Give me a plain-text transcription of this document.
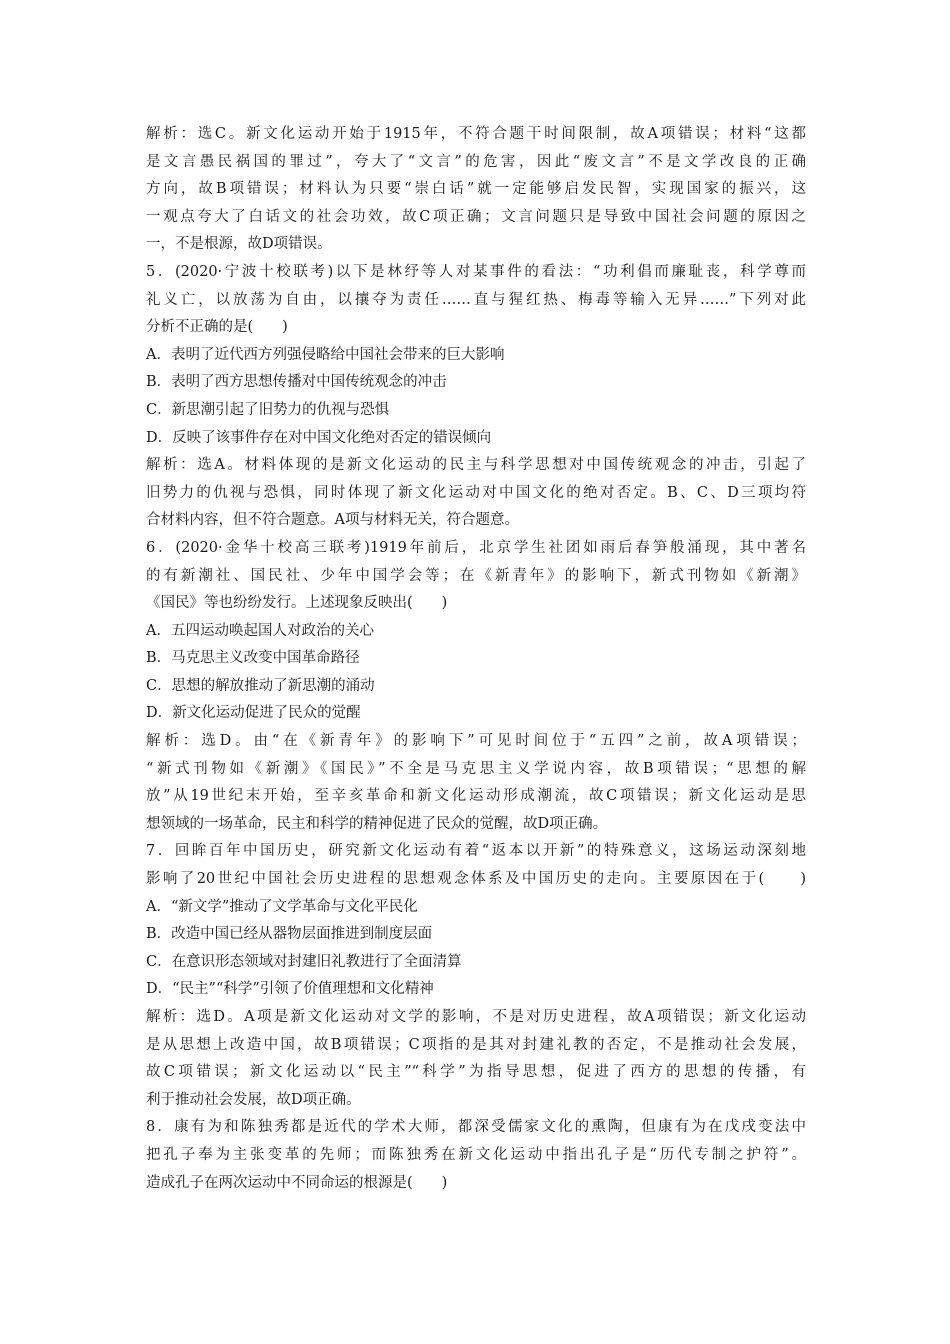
解析：选C。新文化运动开始于1915年，不符合题干时间限制，故A项错误；材料“这都
是文言愚民祸国的罪过”，夸大了“文言”的危害，因此“废文言”不是文学改良的正确
方向，故B项错误；材料认为只要“崇白话”就一定能够启发民智，实现国家的振兴，这
一观点夸大了白话文的社会功效，故C项正确；文言问题只是导致中国社会问题的原因之
一，不是根源，故D项错误。
5．(2020·宁波十校联考)以下是林纾等人对某事件的看法：“功利倡而廉耻丧，科学尊而
礼义亡，以放荡为自由，以攘夺为责任……直与猩红热、梅毒等输入无异……”下列对此
分析不正确的是(　　)
A．表明了近代西方列强侵略给中国社会带来的巨大影响
B．表明了西方思想传播对中国传统观念的冲击
C．新思潮引起了旧势力的仇视与恐惧
D．反映了该事件存在对中国文化绝对否定的错误倾向
解析：选A。材料体现的是新文化运动的民主与科学思想对中国传统观念的冲击，引起了
旧势力的仇视与恐惧，同时体现了新文化运动对中国文化的绝对否定。B、C、D三项均符
合材料内容，但不符合题意。A项与材料无关，符合题意。
6．(2020·金华十校高三联考)1919年前后，北京学生社团如雨后春笋般涌现，其中著名
的有新潮社、国民社、少年中国学会等；在《新青年》的影响下，新式刊物如《新潮》
《国民》等也纷纷发行。上述现象反映出(　　)
A．五四运动唤起国人对政治的关心
B．马克思主义改变中国革命路径
C．思想的解放推动了新思潮的涌动
D．新文化运动促进了民众的觉醒
解析：选D。由“在《新青年》的影响下”可见时间位于“五四”之前，故A项错误；
“新式刊物如《新潮》《国民》”不全是马克思主义学说内容，故B项错误；“思想的解
放”从19世纪末开始，至辛亥革命和新文化运动形成潮流，故C项错误；新文化运动是思
想领域的一场革命，民主和科学的精神促进了民众的觉醒，故D项正确。
7．回眸百年中国历史，研究新文化运动有着“返本以开新”的特殊意义，这场运动深刻地
影响了20世纪中国社会历史进程的思想观念体系及中国历史的走向。主要原因在于(　　)
A．“新文学”推动了文学革命与文化平民化
B．改造中国已经从器物层面推进到制度层面
C．在意识形态领域对封建旧礼教进行了全面清算
D．“民主”“科学”引领了价值理想和文化精神
解析：选D。A项是新文化运动对文学的影响，不是对历史进程，故A项错误；新文化运动
是从思想上改造中国，故B项错误；C项指的是其对封建礼教的否定，不是推动社会发展，
故C项错误；新文化运动以“民主”“科学”为指导思想，促进了西方的思想的传播，有
利于推动社会发展，故D项正确。
8．康有为和陈独秀都是近代的学术大师，都深受儒家文化的熏陶，但康有为在戊戌变法中
把孔子奉为主张变革的先师；而陈独秀在新文化运动中指出孔子是“历代专制之护符”。
造成孔子在两次运动中不同命运的根源是(　　)
